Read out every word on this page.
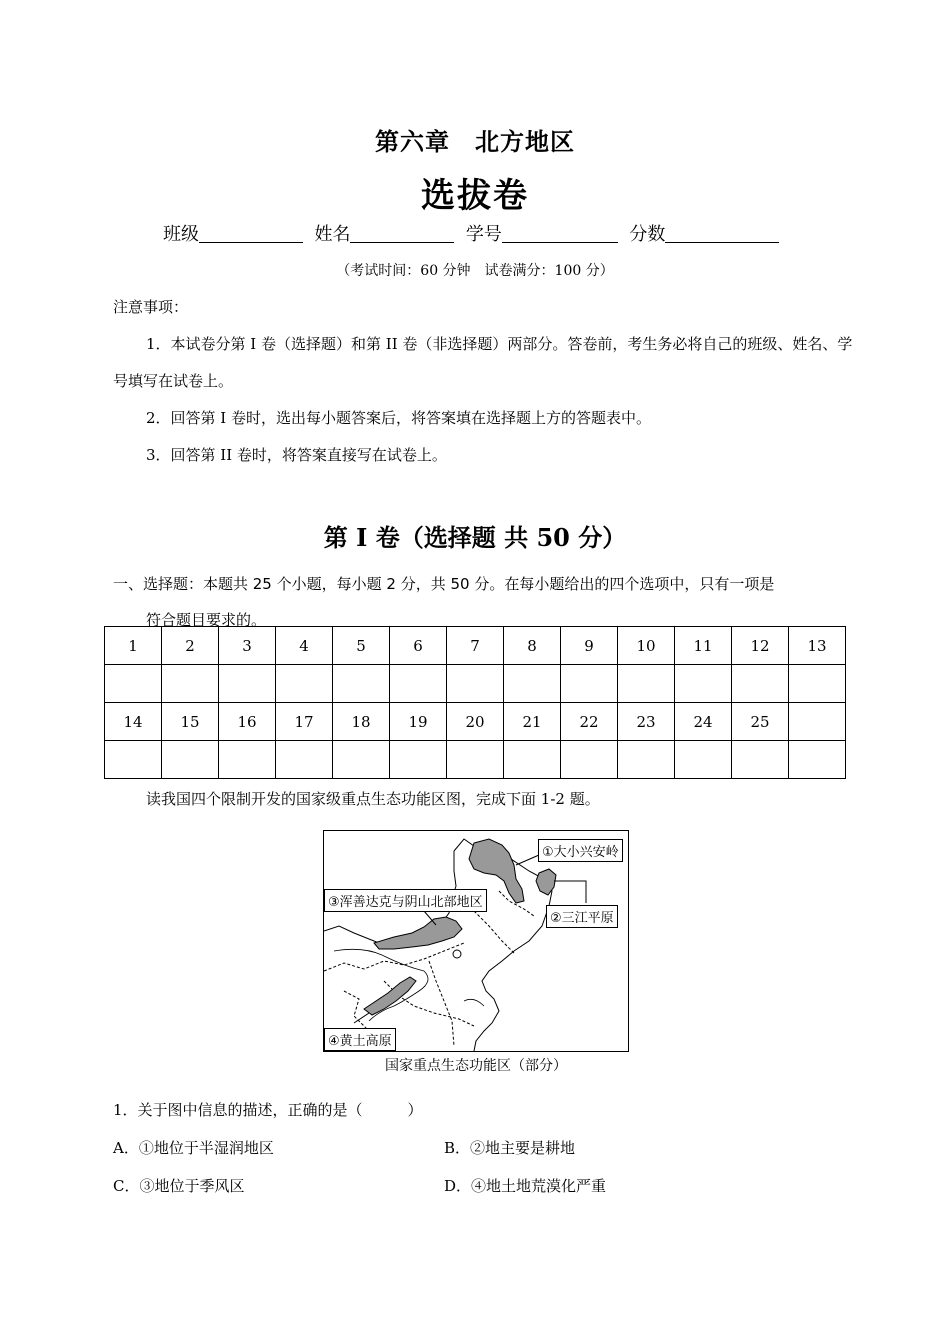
第六章　北方地区
选拔卷
班级	姓名	学号	分数
（考试时间：60 分钟　试卷满分：100 分）
注意事项：
1．本试卷分第 I 卷（选择题）和第 II 卷（非选择题）两部分。答卷前，考生务必将自己的班级、姓名、学号填写在试卷上。
2．回答第 I 卷时，选出每小题答案后，将答案填在选择题上方的答题表中。
3．回答第 II 卷时，将答案直接写在试卷上。
第 I 卷（选择题 共 50 分）
一、选择题：本题共 25 个小题，每小题 2 分，共 50 分。在每小题给出的四个选项中，只有一项是
符合题目要求的。
1	2	3	4	5	6	7	8	9	10	11	12	13

14	15	16	17	18	19	20	21	22	23	24	25	

读我国四个限制开发的国家级重点生态功能区图，完成下面 1-2 题。
①大小兴安岭
③浑善达克与阴山北部地区
②三江平原
④黄土高原
国家重点生态功能区（部分）
1．关于图中信息的描述，正确的是（　　　）
A．①地位于半湿润地区	B．②地主要是耕地
C．③地位于季风区	D．④地土地荒漠化严重
